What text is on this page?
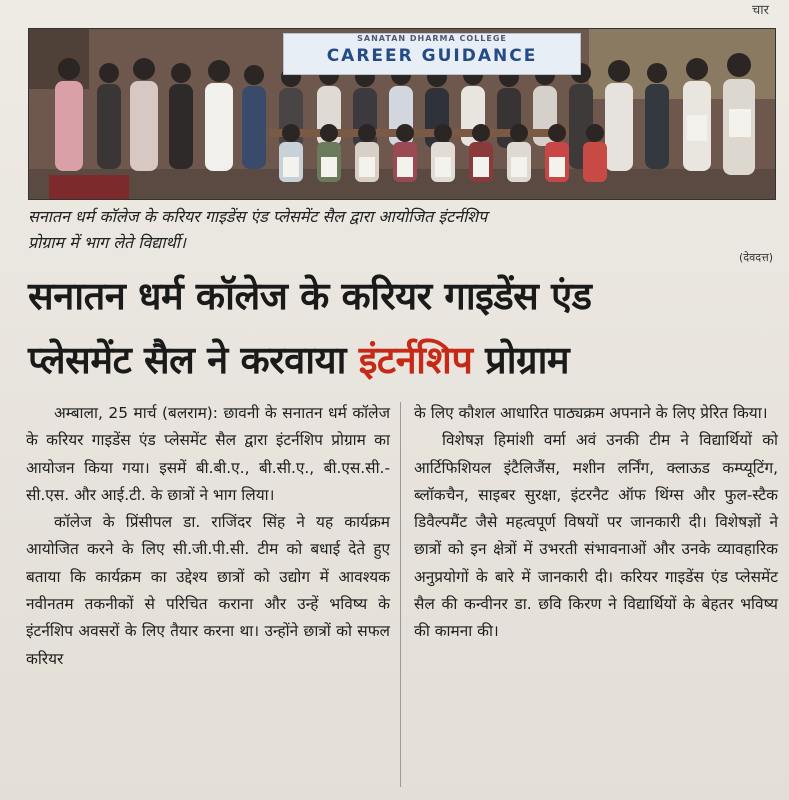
चार
SANATAN DHARMA COLLEGE
CAREER GUIDANCE
सनातन धर्म कॉलेज के करियर गाइडेंस एंड प्लेसमेंट सैल द्वारा आयोजित इंटर्नशिप
प्रोग्राम में भाग लेते विद्यार्थी।
(देवदत्त)
सनातन धर्म कॉलेज के करियर गाइडेंस एंड
प्लेसमेंट सैल ने करवाया इंटर्नशिप प्रोग्राम

अम्बाला, 25 मार्च (बलराम): छावनी के सनातन धर्म कॉलेज के करियर गाइडेंस एंड प्लेसमेंट सैल द्वारा इंटर्नशिप प्रोग्राम का आयोजन किया गया। इसमें बी.बी.ए., बी.सी.ए., बी.एस.सी.-सी.एस. और आई.टी. के छात्रों ने भाग लिया।

कॉलेज के प्रिंसीपल डा. राजिंदर सिंह ने यह कार्यक्रम आयोजित करने के लिए सी.जी.पी.सी. टीम को बधाई देते हुए बताया कि कार्यक्रम का उद्देश्य छात्रों को उद्योग में आवश्यक नवीनतम तकनीकों से परिचित कराना और उन्हें भविष्य के इंटर्नशिप अवसरों के लिए तैयार करना था। उन्होंने छात्रों को सफल करियर

के लिए कौशल आधारित पाठ्यक्रम अपनाने के लिए प्रेरित किया।

विशेषज्ञ हिमांशी वर्मा अवं उनकी टीम ने विद्यार्थियों को आर्टिफिशियल इंटैलिजैंस, मशीन लर्निंग, क्लाऊड कम्प्यूटिंग, ब्लॉकचैन, साइबर सुरक्षा, इंटरनैट ऑफ थिंग्स और फुल-स्टैक डिवैल्पमैंट जैसे महत्वपूर्ण विषयों पर जानकारी दी। विशेषज्ञों ने छात्रों को इन क्षेत्रों में उभरती संभावनाओं और उनके व्यावहारिक अनुप्रयोगों के बारे में जानकारी दी। करियर गाइडेंस एंड प्लेसमेंट सैल की कन्वीनर डा. छवि किरण ने विद्यार्थियों के बेहतर भविष्य की कामना की।
